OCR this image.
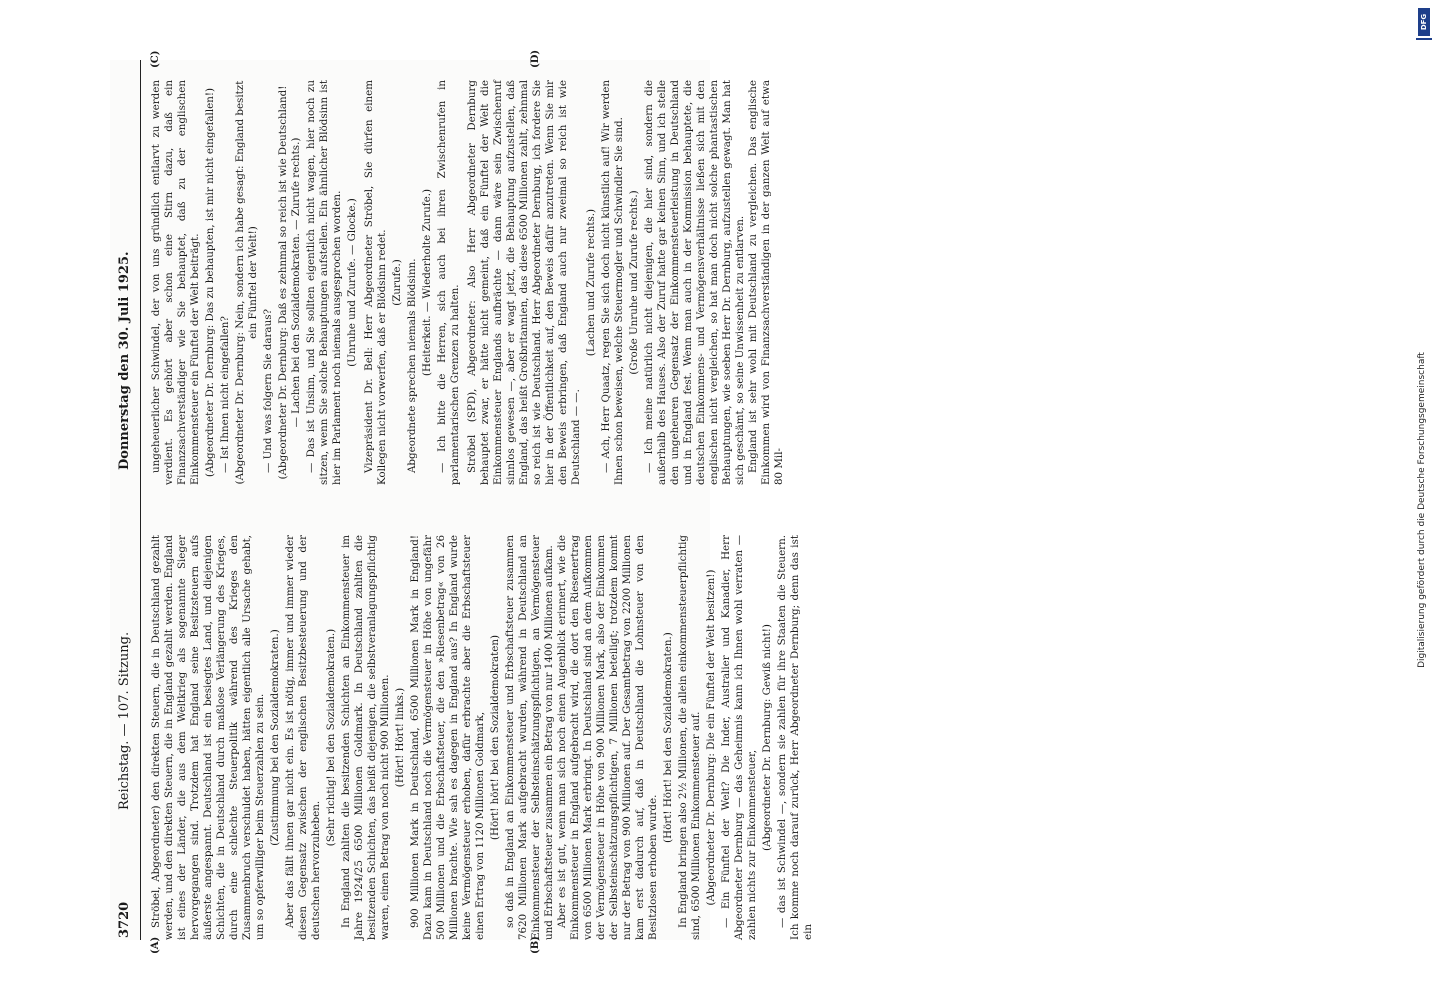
3720
Reichstag. — 107. Sitzung.
Donnerstag den 30. Juli 1925.
(A)	(B)
(C)	(D)

Ströbel, Abgeordneter) den direkten Steuern, die in Deutschland gezahlt werden, und den direkten Steuern, die in England gezahlt werden. England ist eines der Länder, die aus dem Weltkrieg als sogenannte Sieger hervorgegangen sind. Trotzdem hat England seine Besitzsteuern aufs äußerste angespannt. Deutschland ist ein besiegtes Land, und diejenigen Schichten, die in Deutschland durch maßlose Verlängerung des Krieges, durch eine schlechte Steuerpolitik während des Krieges den Zusammenbruch verschuldet haben, hätten eigentlich alle Ursache gehabt, um so opferwilliger beim Steuerzahlen zu sein. (Zustimmung bei den Sozialdemokraten.) Aber das fällt ihnen gar nicht ein. Es ist nötig, immer und immer wieder diesen Gegensatz zwischen der englischen Besitzbesteuerung und der deutschen hervorzuheben.

(Sehr richtig! bei den Sozialdemokraten.) In England zahlten die besitzenden Schichten an Einkommensteuer im Jahre 1924/25 6500 Millionen Goldmark. In Deutschland zahlten die besitzenden Schichten, das heißt diejenigen, die selbstveranlagungspflichtig waren, einen Betrag von noch nicht 900 Millionen. (Hört! Hört! links.) 900 Millionen Mark in Deutschland, 6500 Millionen Mark in England! Dazu kam in Deutschland noch die Vermögensteuer in Höhe von ungefähr 500 Millionen und die Erbschaftsteuer, die den »Riesenbetrag« von 26 Millionen brachte. Wie sah es dagegen in England aus? In England wurde keine Vermögensteuer erhoben, dafür erbrachte aber die Erbschaftsteuer einen Ertrag von 1120 Millionen Goldmark, (Hört! hört! bei den Sozialdemokraten) so daß in England an Einkommensteuer und Erbschaftsteuer zusammen 7620 Millionen Mark aufgebracht wurden, während in Deutschland an Einkommensteuer der Selbsteinschätzungspflichtigen, an Vermögensteuer und Erbschaftsteuer zusammen ein Betrag von nur 1400 Millionen aufkam. Aber es ist gut, wenn man sich noch einen Augenblick erinnert, wie die Einkommensteuer in England aufgebracht wird, die dort den Riesenertrag von 6500 Millionen Mark erbringt. In Deutschland sind an dem Aufkommen der Vermögensteuer in Höhe von 900 Millionen Mark, also der Einkommen der Selbsteinschätzungspflichtigen, 7 Millionen beteiligt; trotzdem kommt nur der Betrag von 900 Millionen auf. Der Gesamtbetrag von 2200 Millionen kam erst dadurch auf, daß in Deutschland die Lohnsteuer von den Besitzlosen erhoben wurde.

(Hört! Hört! bei den Sozialdemokraten.) In England bringen also 2½ Millionen, die allein einkommensteuerpflichtig sind, 6500 Millionen Einkommensteuer auf. (Abgeordneter Dr. Dernburg: Die ein Fünftel der Welt besitzen!) — Ein Fünftel der Welt? Die Inder, Australier und Kanadier, Herr Abgeordneter Dernburg — das Geheimnis kann ich Ihnen wohl verraten — zahlen nichts zur Einkommensteuer, (Abgeordneter Dr. Dernburg: Gewiß nicht!) — das ist Schwindel —, sondern sie zahlen für ihre Staaten die Steuern. Ich komme noch darauf zurück, Herr Abgeordneter Dernburg; denn das ist ein

ungeheuerlicher Schwindel, der von uns gründlich entlarvt zu werden verdient. Es gehört aber schon eine Stirn dazu, daß ein Finanzsachverständiger wie Sie behauptet, daß zu der englischen Einkommensteuer ein Fünftel der Welt beiträgt. (Abgeordneter Dr. Dernburg: Das zu behaupten, ist mir nicht eingefallen!) — Ist Ihnen nicht eingefallen? (Abgeordneter Dr. Dernburg: Nein, sondern ich habe gesagt: England besitzt ein Fünftel der Welt!)

— Und was folgern Sie daraus? (Abgeordneter Dr. Dernburg: Daß es zehnmal so reich ist wie Deutschland! — Lachen bei den Sozialdemokraten. — Zurufe rechts.) — Das ist Unsinn, und Sie sollten eigentlich nicht wagen, hier noch zu sitzen, wenn Sie solche Behauptungen aufstellen. Ein ähnlicher Blödsinn ist hier im Parlament noch niemals ausgesprochen worden. (Unruhe und Zurufe. — Glocke.) Vizepräsident Dr. Bell: Herr Abgeordneter Ströbel, Sie dürfen einem Kollegen nicht vorwerfen, daß er Blödsinn redet. (Zurufe.) Abgeordnete sprechen niemals Blödsinn. (Heiterkeit. — Wiederholte Zurufe.) — Ich bitte die Herren, sich auch bei ihren Zwischenrufen in parlamentarischen Grenzen zu halten. Ströbel (SPD), Abgeordneter: Also Herr Abgeordneter Dernburg behauptet zwar, er hätte nicht gemeint, daß ein Fünftel der Welt die Einkommensteuer Englands aufbrächte — dann wäre sein Zwischenruf sinnlos gewesen —, aber er wagt jetzt, die Behauptung aufzustellen, daß England, das heißt Großbritannien, das diese 6500 Millionen zahlt, zehnmal so reich ist wie Deutschland. Herr Abgeordneter Dernburg, ich fordere Sie hier in der Öffentlichkeit auf, den Beweis dafür anzutreten. Wenn Sie mir den Beweis erbringen, daß England auch nur zweimal so reich ist wie Deutschland — —.

(Lachen und Zurufe rechts.) — Ach, Herr Quaatz, regen Sie sich doch nicht künstlich auf! Wir werden Ihnen schon beweisen, welche Steuermogler und Schwindler Sie sind. (Große Unruhe und Zurufe rechts.) — Ich meine natürlich nicht diejenigen, die hier sind, sondern die außerhalb des Hauses. Also der Zuruf hatte gar keinen Sinn, und ich stelle den ungeheuren Gegensatz der Einkommensteuerleistung in Deutschland und in England fest. Wenn man auch in der Kommission behauptete, die deutschen Einkommens- und Vermögensverhältnisse ließen sich mit den englischen nicht vergleichen, so hat man doch nicht solche phantastischen Behauptungen, wie soeben Herr Dr. Dernburg, aufzustellen gewagt. Man hat sich geschämt, so seine Unwissenheit zu entlarven. England ist sehr wohl mit Deutschland zu vergleichen. Das englische Einkommen wird von Finanzsachverständigen in der ganzen Welt auf etwa 80 Mil-

DFG
Digitalisierung gefördert durch die Deutsche Forschungsgemeinschaft
